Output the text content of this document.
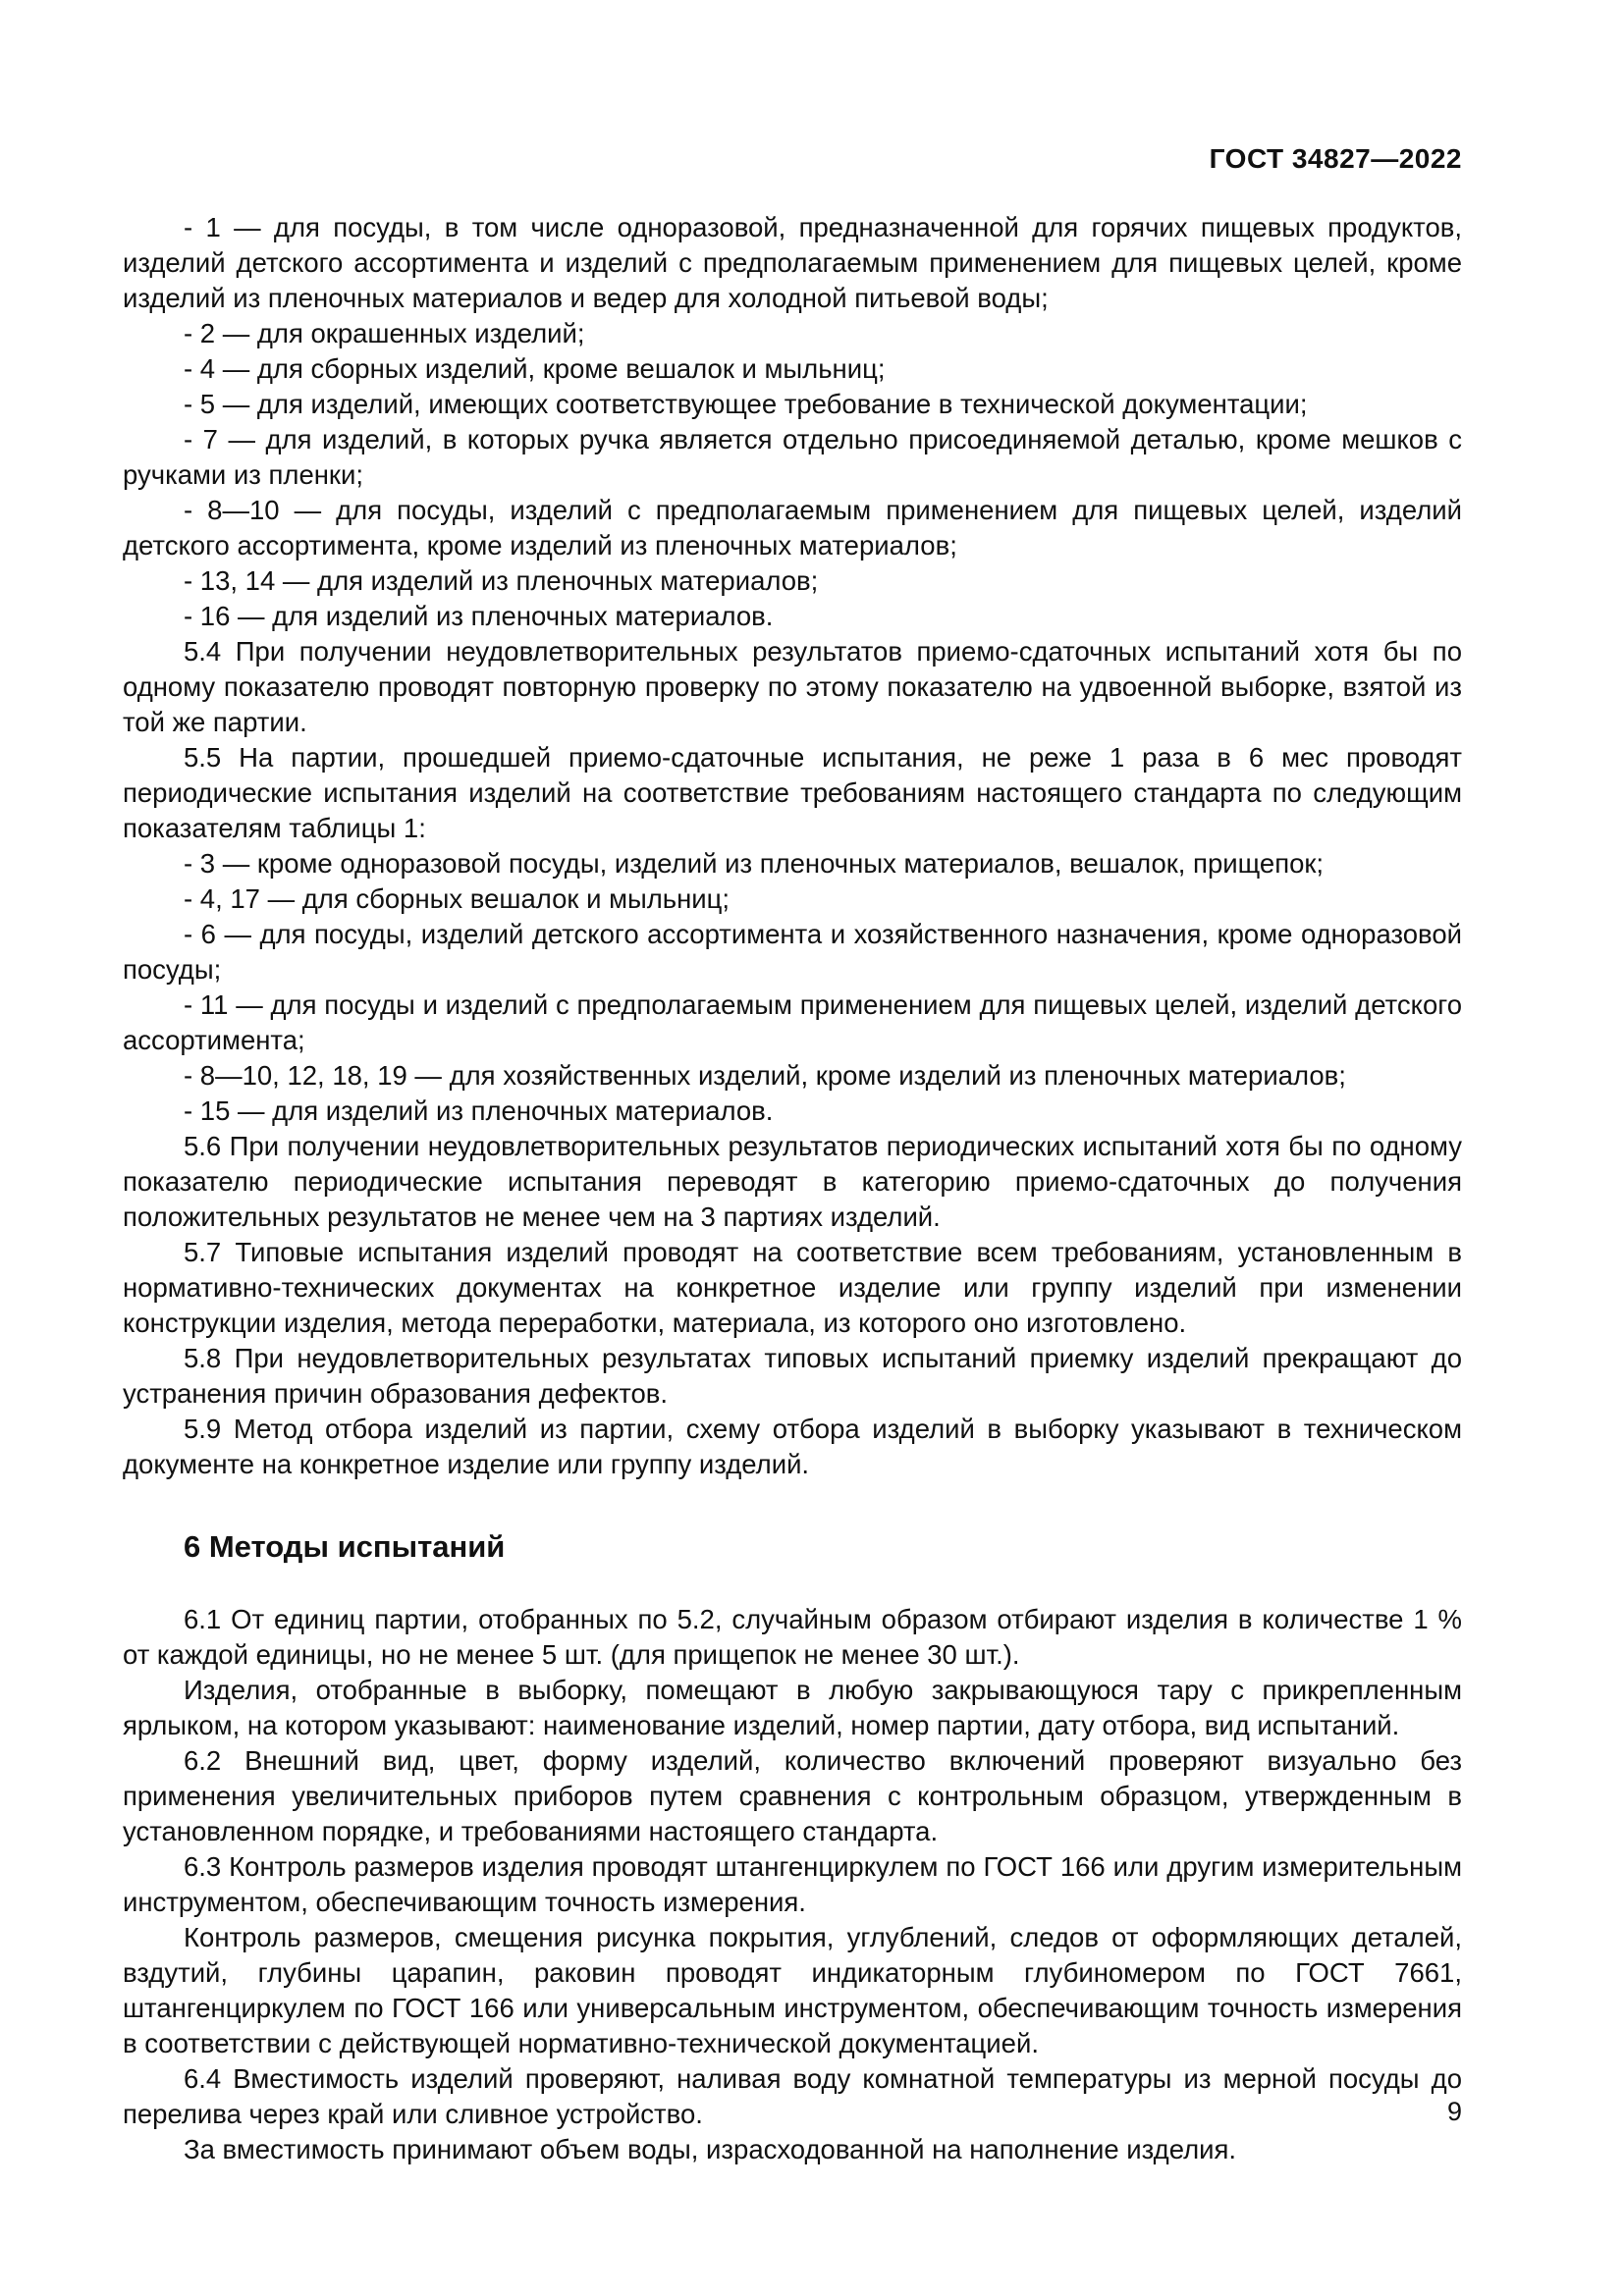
ГОСТ 34827—2022
- 1 — для посуды, в том числе одноразовой, предназначенной для горячих пищевых продуктов, изделий детского ассортимента и изделий с предполагаемым применением для пищевых целей, кроме изделий из пленочных материалов и ведер для холодной питьевой воды;
- 2 — для окрашенных изделий;
- 4 — для сборных изделий, кроме вешалок и мыльниц;
- 5 — для изделий, имеющих соответствующее требование в технической документации;
- 7 — для изделий, в которых ручка является отдельно присоединяемой деталью, кроме мешков с ручками из пленки;
- 8—10 — для посуды, изделий с предполагаемым применением для пищевых целей, изделий детского ассортимента, кроме изделий из пленочных материалов;
- 13, 14 — для изделий из пленочных материалов;
- 16 — для изделий из пленочных материалов.
5.4 При получении неудовлетворительных результатов приемо-сдаточных испытаний хотя бы по одному показателю проводят повторную проверку по этому показателю на удвоенной выборке, взятой из той же партии.
5.5 На партии, прошедшей приемо-сдаточные испытания, не реже 1 раза в 6 мес проводят периодические испытания изделий на соответствие требованиям настоящего стандарта по следующим показателям таблицы 1:
- 3 — кроме одноразовой посуды, изделий из пленочных материалов, вешалок, прищепок;
- 4, 17 — для сборных вешалок и мыльниц;
- 6 — для посуды, изделий детского ассортимента и хозяйственного назначения, кроме одноразовой посуды;
- 11 — для посуды и изделий с предполагаемым применением для пищевых целей, изделий детского ассортимента;
- 8—10, 12, 18, 19 — для хозяйственных изделий, кроме изделий из пленочных материалов;
- 15 — для изделий из пленочных материалов.
5.6 При получении неудовлетворительных результатов периодических испытаний хотя бы по одному показателю периодические испытания переводят в категорию приемо-сдаточных до получения положительных результатов не менее чем на 3 партиях изделий.
5.7 Типовые испытания изделий проводят на соответствие всем требованиям, установленным в нормативно-технических документах на конкретное изделие или группу изделий при изменении конструкции изделия, метода переработки, материала, из которого оно изготовлено.
5.8 При неудовлетворительных результатах типовых испытаний приемку изделий прекращают до устранения причин образования дефектов.
5.9 Метод отбора изделий из партии, схему отбора изделий в выборку указывают в техническом документе на конкретное изделие или группу изделий.
6 Методы испытаний
6.1 От единиц партии, отобранных по 5.2, случайным образом отбирают изделия в количестве 1 % от каждой единицы, но не менее 5 шт. (для прищепок не менее 30 шт.).
Изделия, отобранные в выборку, помещают в любую закрывающуюся тару с прикрепленным ярлыком, на котором указывают: наименование изделий, номер партии, дату отбора, вид испытаний.
6.2 Внешний вид, цвет, форму изделий, количество включений проверяют визуально без применения увеличительных приборов путем сравнения с контрольным образцом, утвержденным в установленном порядке, и требованиями настоящего стандарта.
6.3 Контроль размеров изделия проводят штангенциркулем по ГОСТ 166 или другим измерительным инструментом, обеспечивающим точность измерения.
Контроль размеров, смещения рисунка покрытия, углублений, следов от оформляющих деталей, вздутий, глубины царапин, раковин проводят индикаторным глубиномером по ГОСТ 7661, штангенциркулем по ГОСТ 166 или универсальным инструментом, обеспечивающим точность измерения в соответствии с действующей нормативно-технической документацией.
6.4 Вместимость изделий проверяют, наливая воду комнатной температуры из мерной посуды до перелива через край или сливное устройство.
За вместимость принимают объем воды, израсходованной на наполнение изделия.
9
